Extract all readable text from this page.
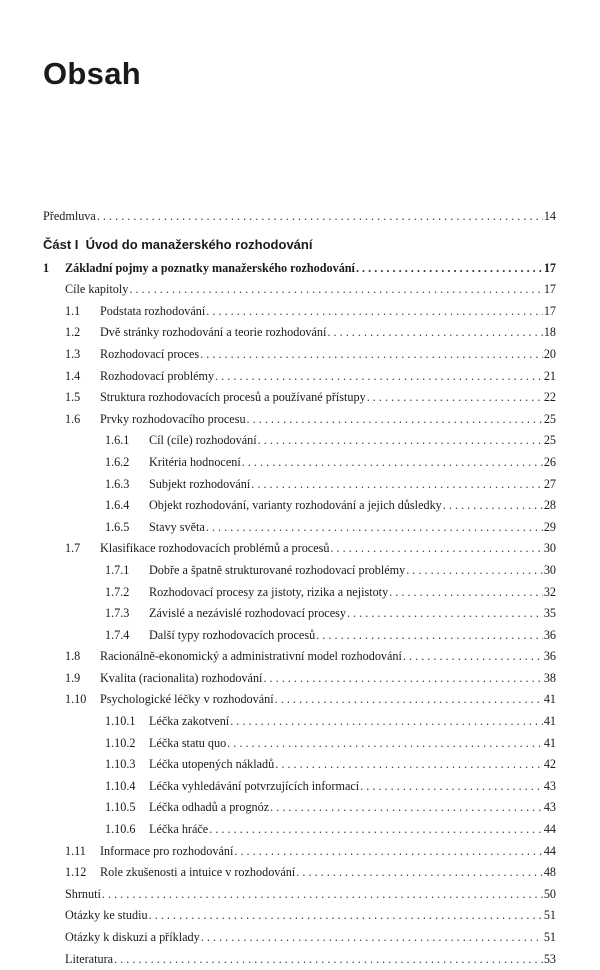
Obsah
Předmluva . . .	14
Část I Úvod do manažerského rozhodování
1	Základní pojmy a poznatky manažerského rozhodování . . .	17
Cíle kapitoly . . .	17
1.1	Podstata rozhodování . . .	17
1.2	Dvě stránky rozhodování a teorie rozhodování . . .	18
1.3	Rozhodovací proces . . .	20
1.4	Rozhodovací problémy . . .	21
1.5	Struktura rozhodovacích procesů a používané přístupy . . .	22
1.6	Prvky rozhodovacího procesu . . .	25
1.6.1	Cíl (cíle) rozhodování . . .	25
1.6.2	Kritéria hodnocení . . .	26
1.6.3	Subjekt rozhodování . . .	27
1.6.4	Objekt rozhodování, varianty rozhodování a jejich důsledky . . .	28
1.6.5	Stavy světa . . .	29
1.7	Klasifikace rozhodovacích problémů a procesů . . .	30
1.7.1	Dobře a špatně strukturované rozhodovací problémy . . .	30
1.7.2	Rozhodovací procesy za jistoty, rizika a nejistoty . . .	32
1.7.3	Závislé a nezávislé rozhodovací procesy . . .	35
1.7.4	Další typy rozhodovacích procesů . . .	36
1.8	Racionálně-ekonomický a administrativní model rozhodování . . .	36
1.9	Kvalita (racionalita) rozhodování . . .	38
1.10	Psychologické léčky v rozhodování . . .	41
1.10.1	Léčka zakotvení . . .	41
1.10.2	Léčka statu quo . . .	41
1.10.3	Léčka utopených nákladů . . .	42
1.10.4	Léčka vyhledávání potvrzujících informací . . .	43
1.10.5	Léčka odhadů a prognóz . . .	43
1.10.6	Léčka hráče . . .	44
1.11	Informace pro rozhodování . . .	44
1.12	Role zkušenosti a intuice v rozhodování . . .	48
Shrnutí . . .	50
Otázky ke studiu . . .	51
Otázky k diskuzi a příklady . . .	51
Literatura . . .	53
